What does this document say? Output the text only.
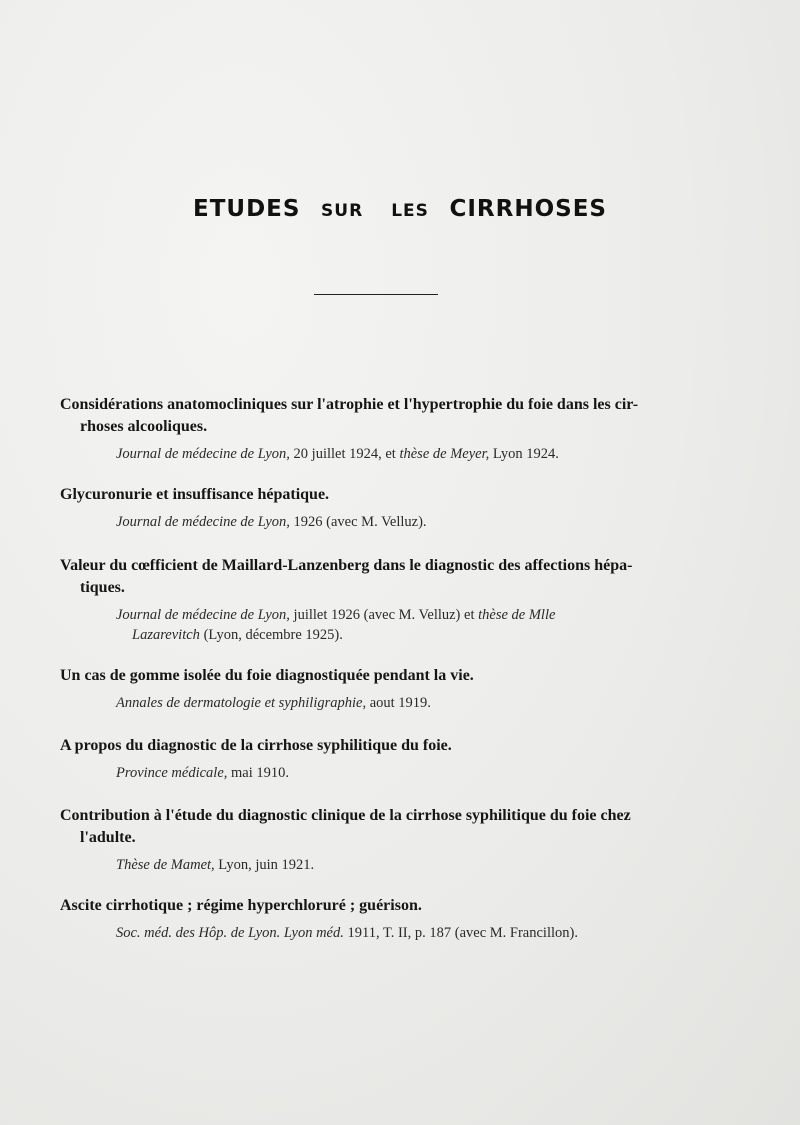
ETUDES SUR LES CIRRHOSES

Considérations anatomocliniques sur l'atrophie et l'hypertrophie du foie dans les cir-
rhoses alcooliques.

Journal de médecine de Lyon, 20 juillet 1924, et thèse de Meyer, Lyon 1924.

Glycuronurie et insuffisance hépatique.

Journal de médecine de Lyon, 1926 (avec M. Velluz).

Valeur du cœfficient de Maillard-Lanzenberg dans le diagnostic des affections hépa-
tiques.

Journal de médecine de Lyon, juillet 1926 (avec M. Velluz) et thèse de Mlle
Lazarevitch (Lyon, décembre 1925).

Un cas de gomme isolée du foie diagnostiquée pendant la vie.

Annales de dermatologie et syphiligraphie, aout 1919.

A propos du diagnostic de la cirrhose syphilitique du foie.

Province médicale, mai 1910.

Contribution à l'étude du diagnostic clinique de la cirrhose syphilitique du foie chez
l'adulte.

Thèse de Mamet, Lyon, juin 1921.

Ascite cirrhotique ; régime hyperchloruré ; guérison.

Soc. méd. des Hôp. de Lyon. Lyon méd. 1911, T. II, p. 187 (avec M. Francillon).
